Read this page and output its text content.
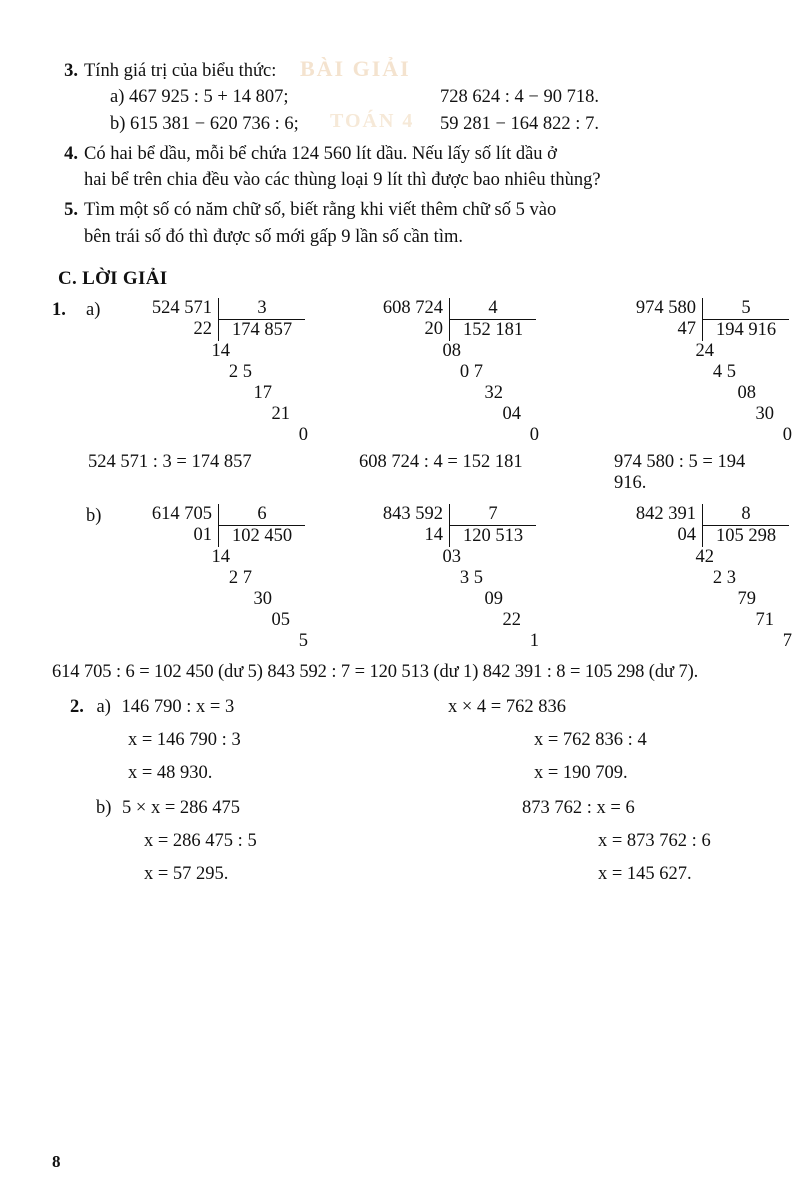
BÀI GIẢI
TOÁN 4
3. Tính giá trị của biểu thức:
a) 467 925 : 5 + 14 807;	728 624 : 4 − 90 718.
b) 615 381 − 620 736 : 6;	59 281 − 164 822 : 7.
4. Có hai bể dầu, mỗi bể chứa 124 560 lít dầu. Nếu lấy số lít dầu ở
hai bể trên chia đều vào các thùng loại 9 lít thì được bao nhiêu thùng?
5. Tìm một số có năm chữ số, biết rằng khi viết thêm chữ số 5 vào
bên trái số đó thì được số mới gấp 9 lần số cần tìm.
C. LỜI GIẢI
1. a)	524 571	3
22	174 857
14
2 5
17
21
0
608 724	4
20	152 181
08
0 7
32
04
0
974 580	5
47	194 916
24
4 5
08
30
0
524 571 : 3 = 174 857	608 724 : 4 = 152 181	974 580 : 5 = 194 916.
b)	614 705	6
01	102 450
14
2 7
30
05
5
843 592	7
14	120 513
03
3 5
09
22
1
842 391	8
04	105 298
42
2 3
79
71
7
614 705 : 6 = 102 450 (dư 5) 843 592 : 7 = 120 513 (dư 1) 842 391 : 8 = 105 298 (dư 7).
2. a) 146 790 : x = 3	x × 4 = 762 836
x = 146 790 : 3	x = 762 836 : 4
x = 48 930.	x = 190 709.
b) 5 × x = 286 475	873 762 : x = 6
x = 286 475 : 5	x = 873 762 : 6
x = 57 295.	x = 145 627.
8
